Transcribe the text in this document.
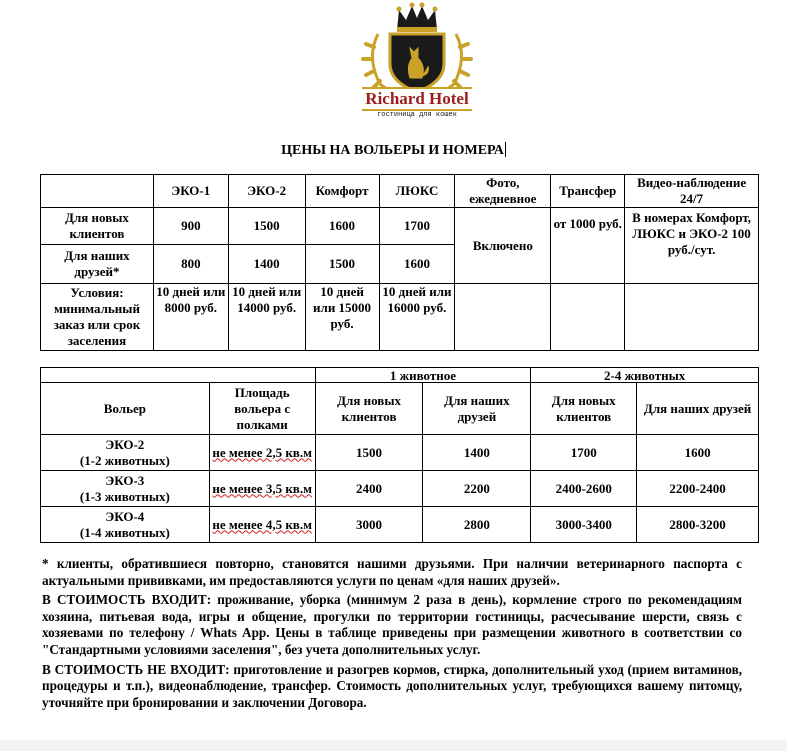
Richard Hotel
гостиница для кошек
ЦЕНЫ НА ВОЛЬЕРЫ И НОМЕРА
	ЭКО-1	ЭКО-2	Комфорт	ЛЮКС	Фото, ежедневное	Трансфер	Видео-наблюдение 24/7
Для новых клиентов	900	1500	1600	1700	Включено	от 1000 руб.	В номерах Комфорт, ЛЮКС и ЭКО-2 100 руб./сут.
Для наших друзей*	800	1400	1500	1600			
Условия: минимальный заказ или срок заселения	10 дней или 8000 руб.	10 дней или 14000 руб.	10 дней или 15000 руб.	10 дней или 16000 руб.			
		1 животное		2-4 животных	
Вольер	Площадь вольера с полками	Для новых клиентов	Для наших друзей	Для новых клиентов	Для наших друзей

ЭКО-2
(1-2 животных)	не менее 2,5 кв.м	1500	1400	1700	1600

ЭКО-3
(1-3 животных)	не менее 3,5 кв.м	2400	2200	2400-2600	2200-2400

ЭКО-4
(1-4 животных)	не менее 4,5 кв.м	3000	2800	3000-3400	2800-3200

* клиенты, обратившиеся повторно, становятся нашими друзьями. При наличии ветеринарного паспорта с актуальными прививками, им предоставляются услуги по ценам «для наших друзей».

В СТОИМОСТЬ ВХОДИТ: проживание, уборка (минимум 2 раза в день), кормление строго по рекомендациям хозяина, питьевая вода, игры и общение, прогулки по территории гостиницы, расчесывание шерсти, связь с хозяевами по телефону / Whats App. Цены в таблице приведены при размещении животного в соответствии со "Стандартными условиями заселения", без учета дополнительных услуг.

В СТОИМОСТЬ НЕ ВХОДИТ: приготовление и разогрев кормов, стирка, дополнительный уход (прием витаминов, процедуры и т.п.), видеонаблюдение, трансфер. Стоимость дополнительных услуг, требующихся вашему питомцу, уточняйте при бронировании и заключении Договора.
